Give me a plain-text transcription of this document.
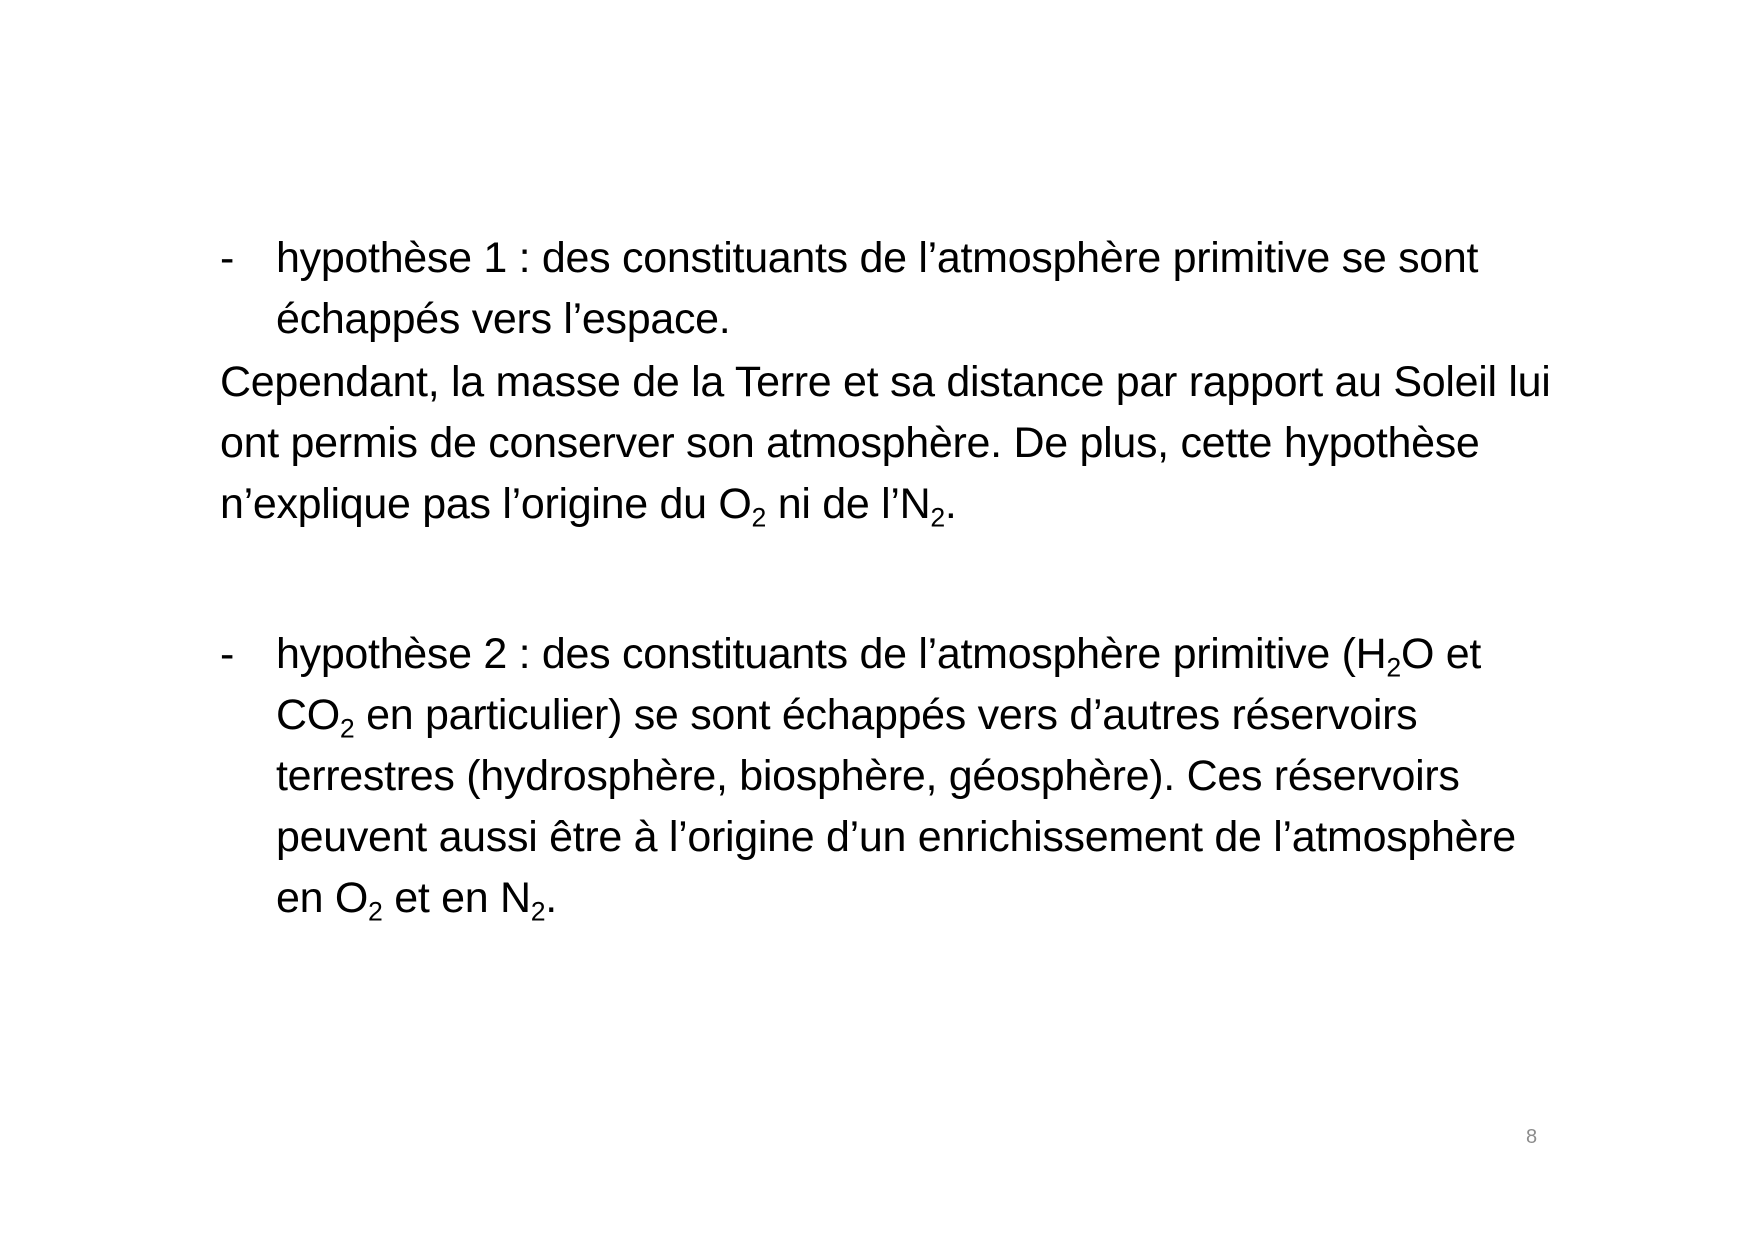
- hypothèse 1 : des constituants de l’atmosphère primitive se sont échappés vers l’espace.

Cependant, la masse de la Terre et sa distance par rapport au Soleil lui ont permis de conserver son atmosphère. De plus, cette hypothèse n’explique pas l’origine du $O_2$ ni de $l’N_2$.

- hypothèse 2 : des constituants de l’atmosphère primitive ($H_2O$ et $CO_2$ en particulier) se sont échappés vers d’autres réservoirs terrestres (hydrosphère, biosphère, géosphère). Ces réservoirs peuvent aussi être à l’origine d’un enrichissement de l’atmosphère en $O_2$ et en $N_2$.

8
